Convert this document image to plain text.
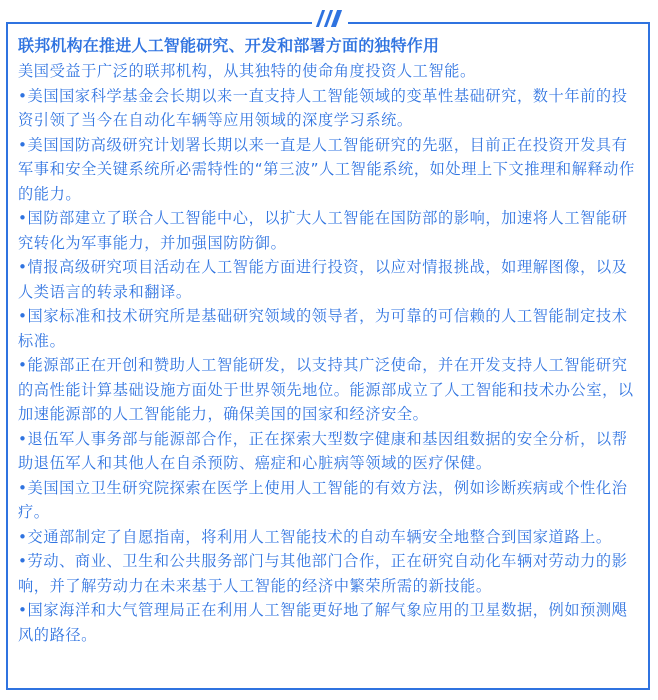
联邦机构在推进人工智能研究、开发和部署方面的独特作用

美国受益于广泛的联邦机构，从其独特的使命角度投资人工智能。

•美国国家科学基金会长期以来一直支持人工智能领域的变革性基础研究，数十年前的投资引领了当今在自动化车辆等应用领域的深度学习系统。

•美国国防高级研究计划署长期以来一直是人工智能研究的先驱，目前正在投资开发具有军事和安全关键系统所必需特性的“第三波”人工智能系统，如处理上下文推理和解释动作的能力。

•国防部建立了联合人工智能中心，以扩大人工智能在国防部的影响，加速将人工智能研究转化为军事能力，并加强国防防御。

•情报高级研究项目活动在人工智能方面进行投资，以应对情报挑战，如理解图像，以及人类语言的转录和翻译。

•国家标准和技术研究所是基础研究领域的领导者，为可靠的可信赖的人工智能制定技术标准。

•能源部正在开创和赞助人工智能研发，以支持其广泛使命，并在开发支持人工智能研究的高性能计算基础设施方面处于世界领先地位。能源部成立了人工智能和技术办公室，以加速能源部的人工智能能力，确保美国的国家和经济安全。

•退伍军人事务部与能源部合作，正在探索大型数字健康和基因组数据的安全分析，以帮助退伍军人和其他人在自杀预防、癌症和心脏病等领域的医疗保健。

•美国国立卫生研究院探索在医学上使用人工智能的有效方法，例如诊断疾病或个性化治疗。

•交通部制定了自愿指南，将利用人工智能技术的自动车辆安全地整合到国家道路上。

•劳动、商业、卫生和公共服务部门与其他部门合作，正在研究自动化车辆对劳动力的影响，并了解劳动力在未来基于人工智能的经济中繁荣所需的新技能。

•国家海洋和大气管理局正在利用人工智能更好地了解气象应用的卫星数据，例如预测飓风的路径。
